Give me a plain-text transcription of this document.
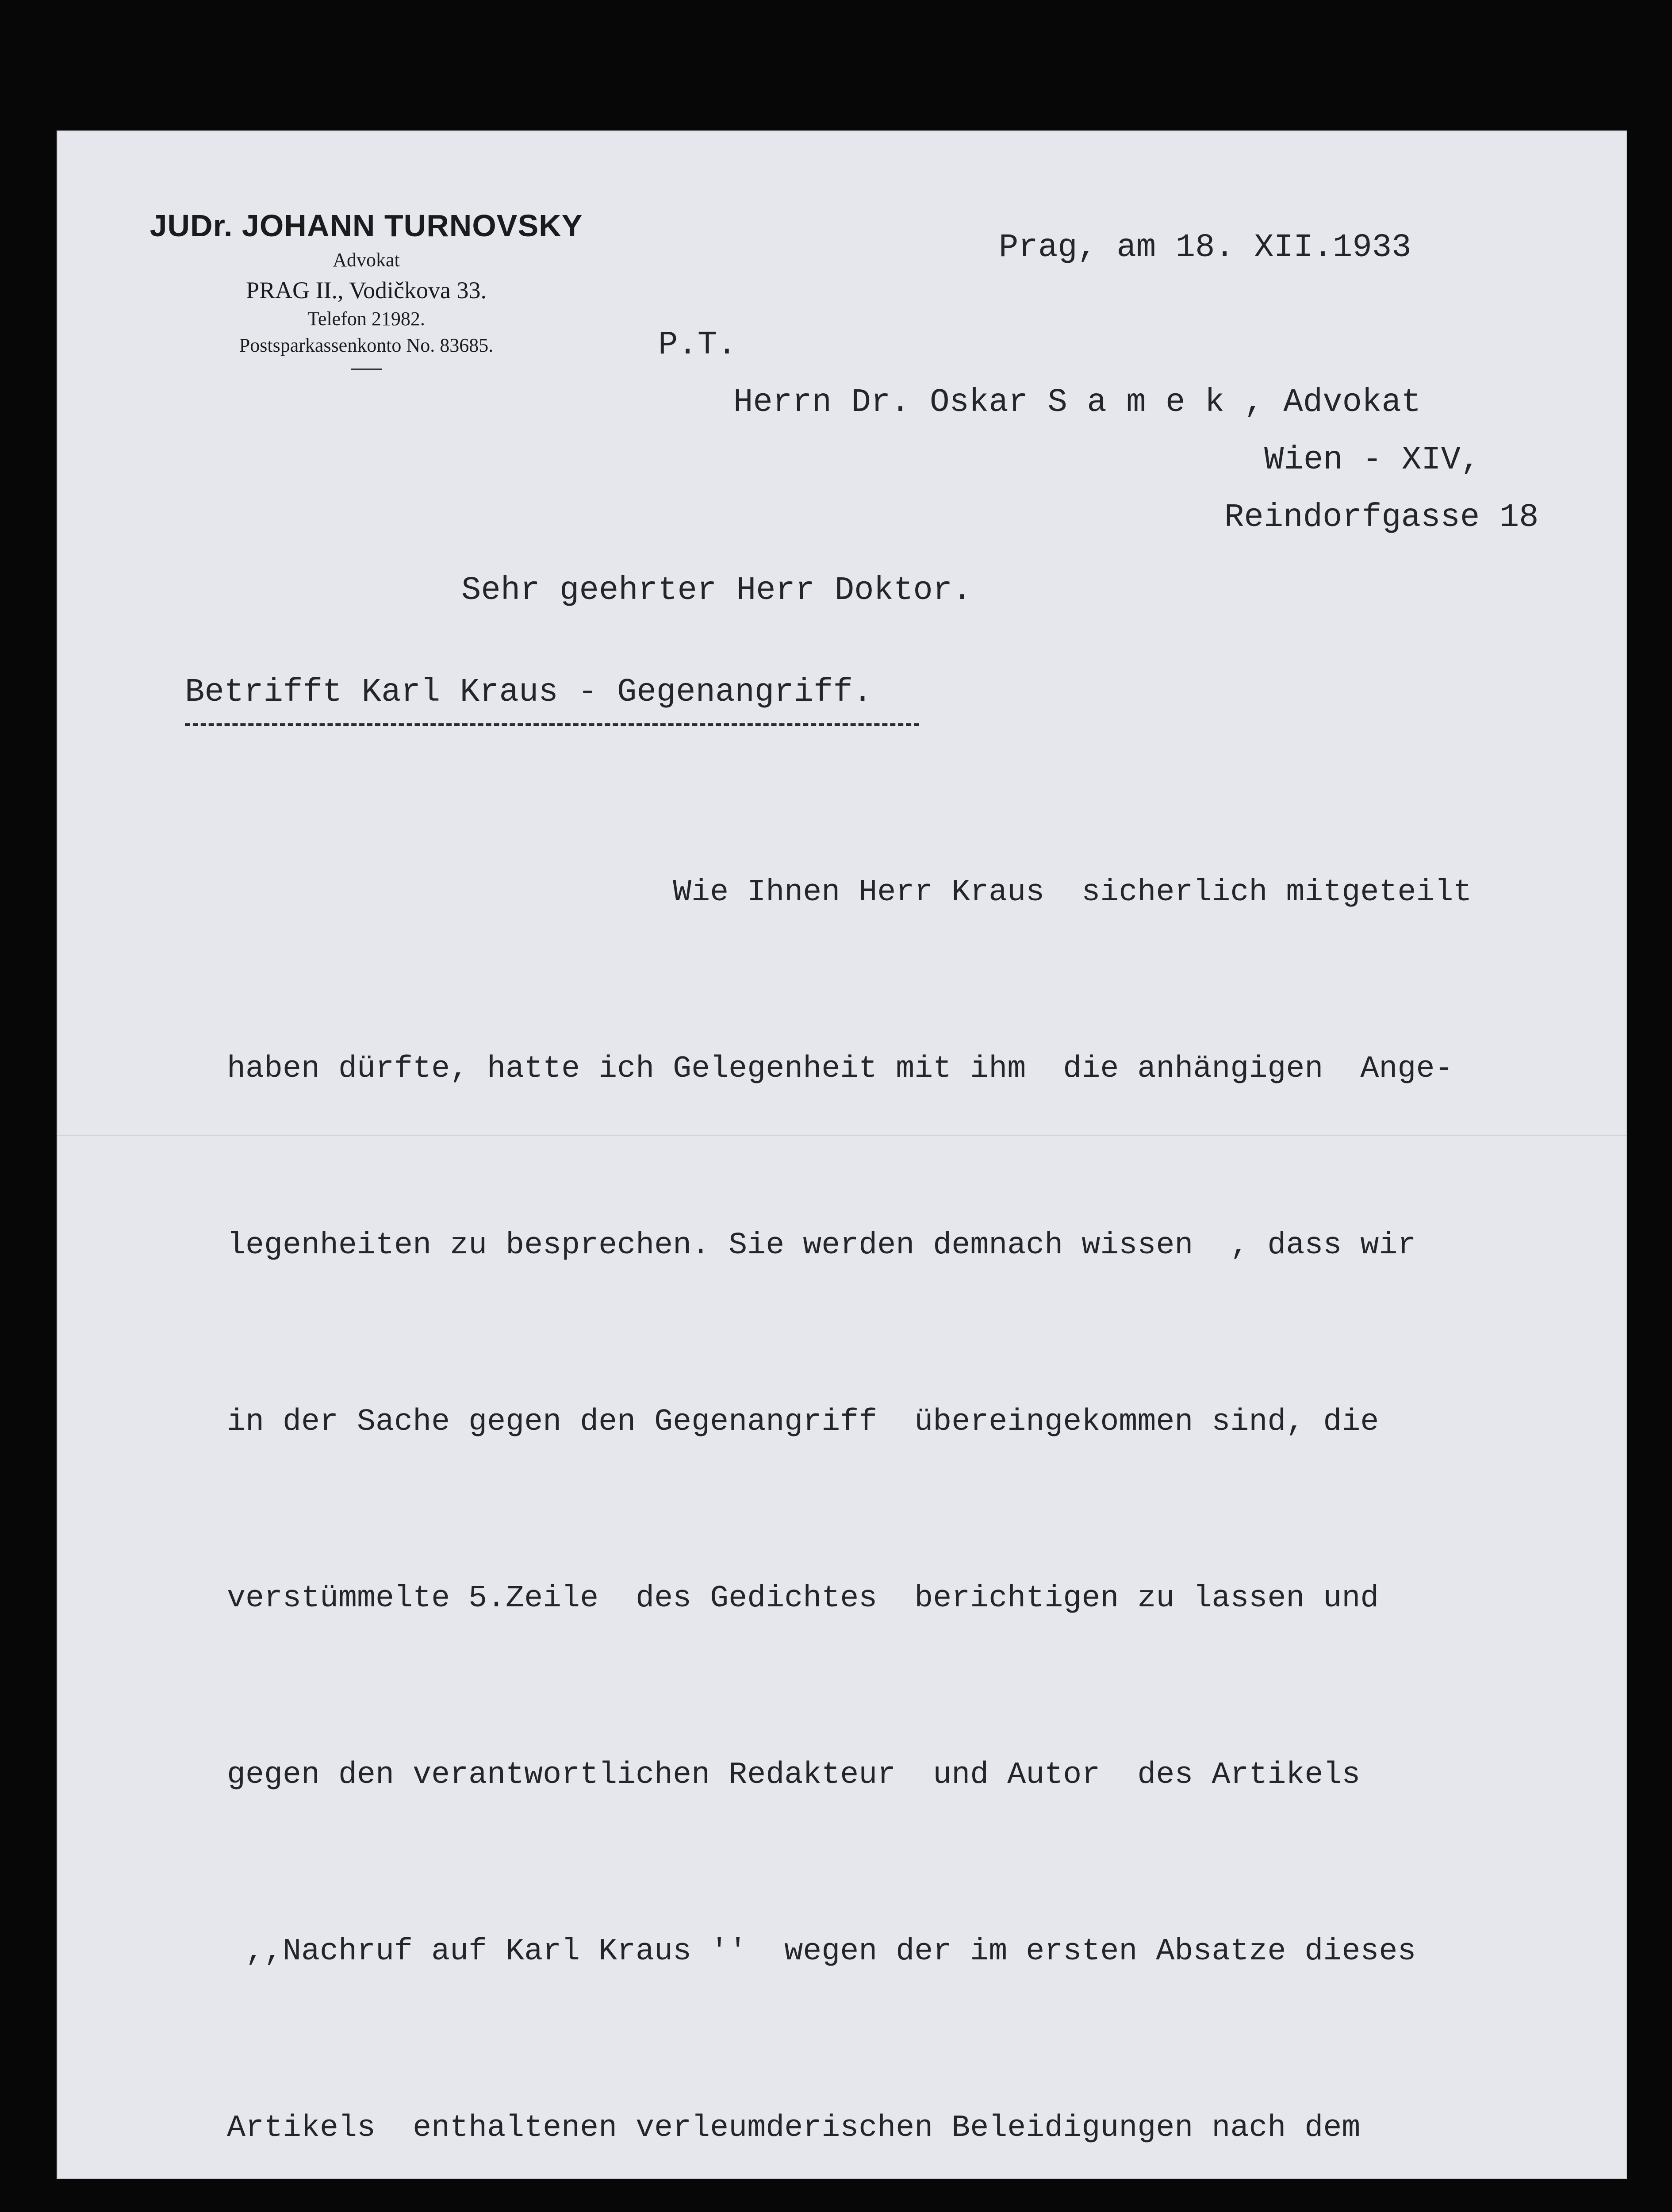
JUDr. JOHANN TURNOVSKY
Advokat
PRAG II., Vodičkova 33.
Telefon 21982.
Postsparkassenkonto No. 83685.
Prag, am 18. XII.1933
P.T.
Herrn Dr. Oskar S a m e k , Advokat
Wien - XIV,
Reindorfgasse 18
Sehr geehrter Herr Doktor.
Betrifft Karl Kraus - Gegenangriff.

Wie Ihnen Herr Kraus  sicherlich mitgeteilt

haben dürfte, hatte ich Gelegenheit mit ihm  die anhängigen  Ange-

legenheiten zu besprechen. Sie werden demnach wissen  , dass wir

in der Sache gegen den Gegenangriff  übereingekommen sind, die

verstümmelte 5.Zeile  des Gedichtes  berichtigen zu lassen und

gegen den verantwortlichen Redakteur  und Autor  des Artikels

,,Nachruf auf Karl Kraus ''  wegen der im ersten Absatze dieses

Artikels  enthaltenen verleumderischen Beleidigungen nach dem
